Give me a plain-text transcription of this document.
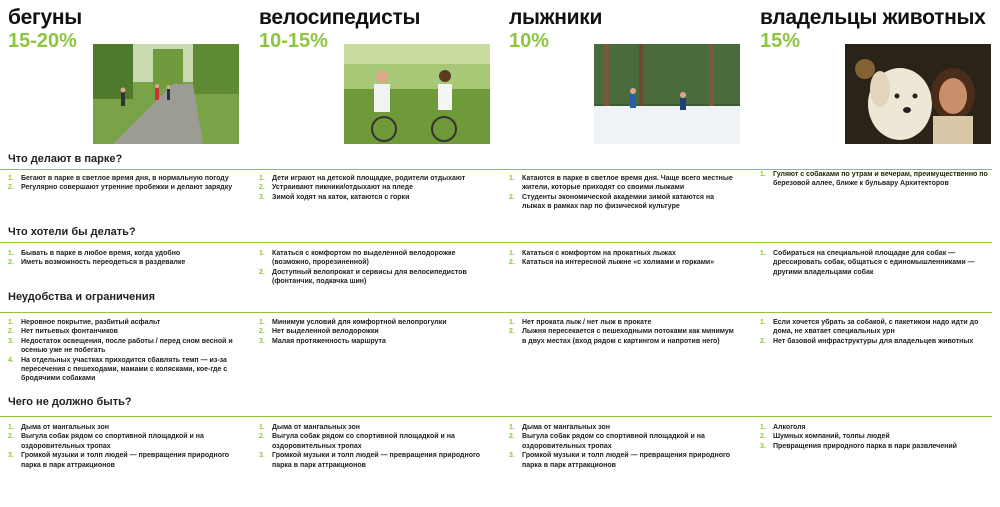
бегуны
15-20%
велосипедисты
10-15%
лыжники
10%
владельцы животных
15%
Что делают в парке?
1. Бегают в парке в светлое время дня, в нормальную погоду
2. Регулярно совершают утренние пробежки и делают зарядку
1. Дети играют на детской площадке, родители отдыхают
2. Устраивают пикники/отдыхают на пледе
3. Зимой ходят на каток, катаются с горки
1. Катаются в парке в светлое время дня. Чаще всего местные жители, которые приходят со своими лыжами
2. Студенты экономической академии зимой катаются на лыжах в рамках пар по физической культуре
1. Гуляют с собаками по утрам и вечерам, преимущественно по березовой аллее, ближе к бульвару Архитекторов
Что хотели бы делать?
1. Бывать в парке в любое время, когда удобно
2. Иметь возможность переодеться в раздевалке
1. Кататься с комфортом по выделенной велодорожке (возможно, прорезиненной)
2. Доступный велопрокат и сервисы для велосипедистов (фонтанчик, подкачка шин)
1. Кататься с комфортом на прокатных лыжах
2. Кататься на интересной лыжне «с холмами и горками»
1. Собираться на специальной площадке для собак — дрессировать собак, общаться с единомышленниками — другими владельцами собак
Неудобства и ограничения
1. Неровное покрытие, разбитый асфальт
2. Нет питьевых фонтанчиков
3. Недостаток освещения, после работы / перед сном весной и осенью уже не побегать
4. На отдельных участках приходится сбавлять темп — из-за пересечения с пешеходами, мамами с колясками, кое-где с бродячими собаками
1. Минимум условий для комфортной велопрогулки
2. Нет выделенной велодорожки
3. Малая протяженность маршрута
1. Нет проката лыж / нет лыж в прокате
2. Лыжня пересекается с пешеходными потоками как минимум в двух местах (вход рядом с картингом и напротив него)
1. Если хочется убрать за собакой, с пакетиком надо идти до дома, не хватает специальных урн
2. Нет базовой инфраструктуры для владельцев животных
Чего не должно быть?
1. Дыма от мангальных зон
2. Выгула собак рядом со спортивной площадкой и на оздоровительных тропах
3. Громкой музыки и толп людей — превращения природного парка в парк аттракционов
1. Дыма от мангальных зон
2. Выгула собак рядом со спортивной площадкой и на оздоровительных тропах
3. Громкой музыки и толп людей — превращения природного парка в парк аттракционов
1. Дыма от мангальных зон
2. Выгула собак рядом со спортивной площадкой и на оздоровительных тропах
3. Громкой музыки и толп людей — превращения природного парка в парк аттракционов
1. Алкоголя
2. Шумных компаний, толпы людей
3. Превращения природного парка в парк развлечений
